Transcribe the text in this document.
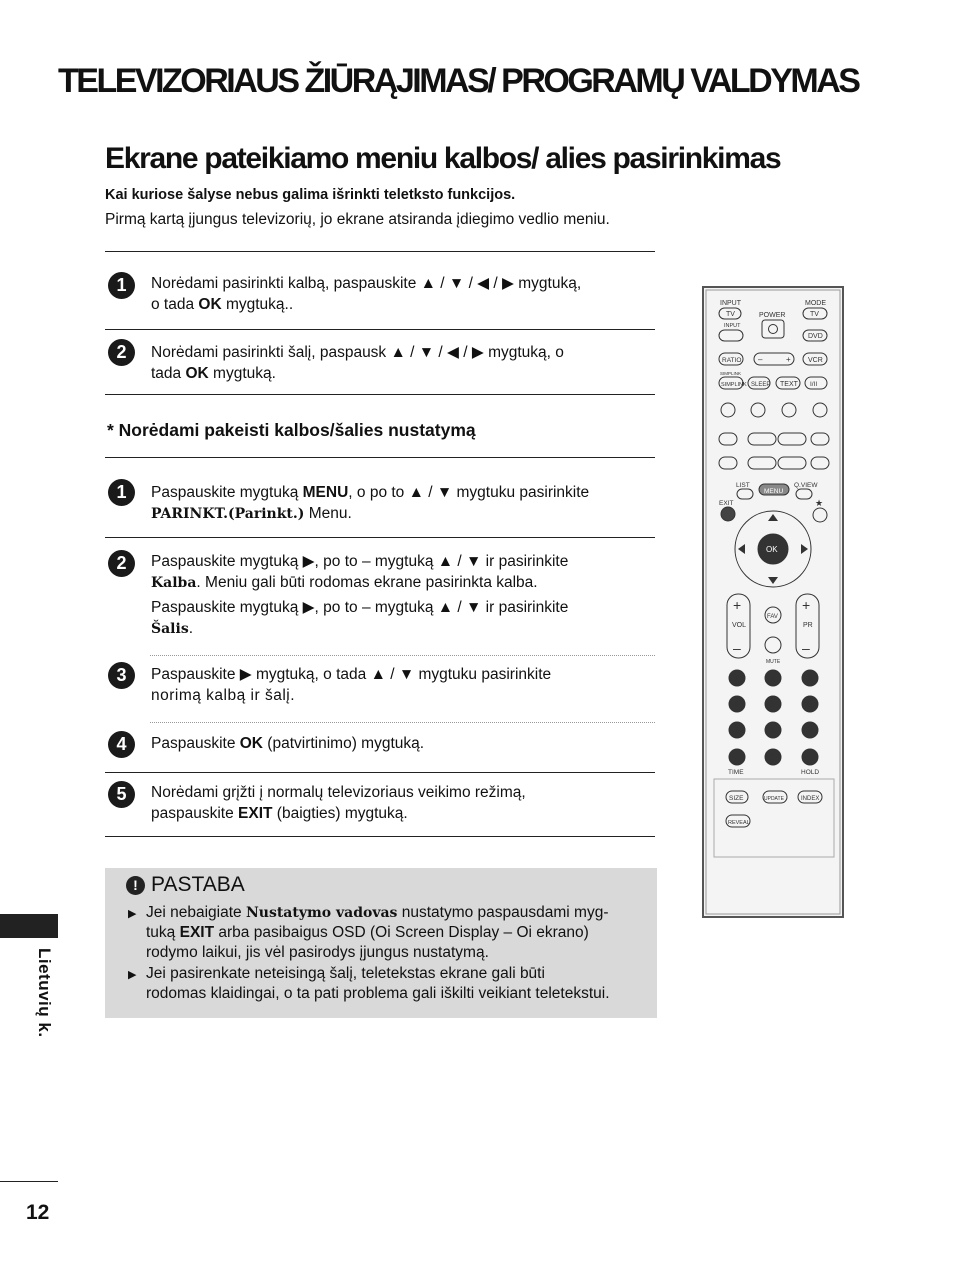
TELEVIZORIAUS ŽIŪRĄJIMAS/ PROGRAMŲ VALDYMAS
Ekrane pateikiamo meniu kalbos/ alies pasirinkimas
Kai kuriose šalyse nebus galima išrinkti teletksto funkcijos.
Pirmą kartą įjungus televizorių, jo ekrane atsiranda įdiegimo vedlio meniu.
1	Norėdami pasirinkti kalbą, paspauskite ▲ / ▼ / ◀ / ▶ mygtuką,
o tada OK mygtuką..
2	Norėdami pasirinkti šalį, paspausk ▲ / ▼ / ◀ / ▶ mygtuką, o
tada OK mygtuką.
* Norėdami pakeisti kalbos/šalies nustatymą
1	Paspauskite mygtuką MENU, o po to ▲ / ▼ mygtuku pasirinkite
PARINKT.(Parinkt.) Menu.
2	Paspauskite mygtuką ▶, po to – mygtuką ▲ / ▼ ir pasirinkite
Kalba. Meniu gali būti rodomas ekrane pasirinkta kalba.
Paspauskite mygtuką ▶, po to – mygtuką ▲ / ▼ ir pasirinkite
Šalis.
3	Paspauskite ▶ mygtuką, o tada ▲ / ▼ mygtuku pasirinkite
norimą kalbą ir šalį.
4	Paspauskite OK (patvirtinimo) mygtuką.
5	Norėdami grįžti į normalų televizoriaus veikimo režimą,
paspauskite EXIT (baigties) mygtuką.
! PASTABA
▶ Jei nebaigiate Nustatymo vadovas nustatymo paspausdami myg-
tuką EXIT arba pasibaigus OSD (Oi Screen Display – Oi ekrano)
rodymo laikui, jis vėl pasirodys įjungus nustatymą.
▶ Jei pasirenkate neteisingą šalį, teletekstas ekrane gali būti
rodomas klaidingai, o ta pati problema gali iškilti veikiant teletekstui.
Lietuvių k.
12
INPUT	MODE
POWER
TV	TV
INPUT
DVD
RATIO –	+ VCR
SIMPLINK
SIMPLINK SLEEP TEXT I/II
LIST	Q.VIEW
MENU
EXIT	★
OK
+
VOL
–
+
PR
–
FAV
MUTE
1	2	3
4	5	6
7	8	9
0
TIME	HOLD
SIZE	UPDATE	INDEX
REVEAL
